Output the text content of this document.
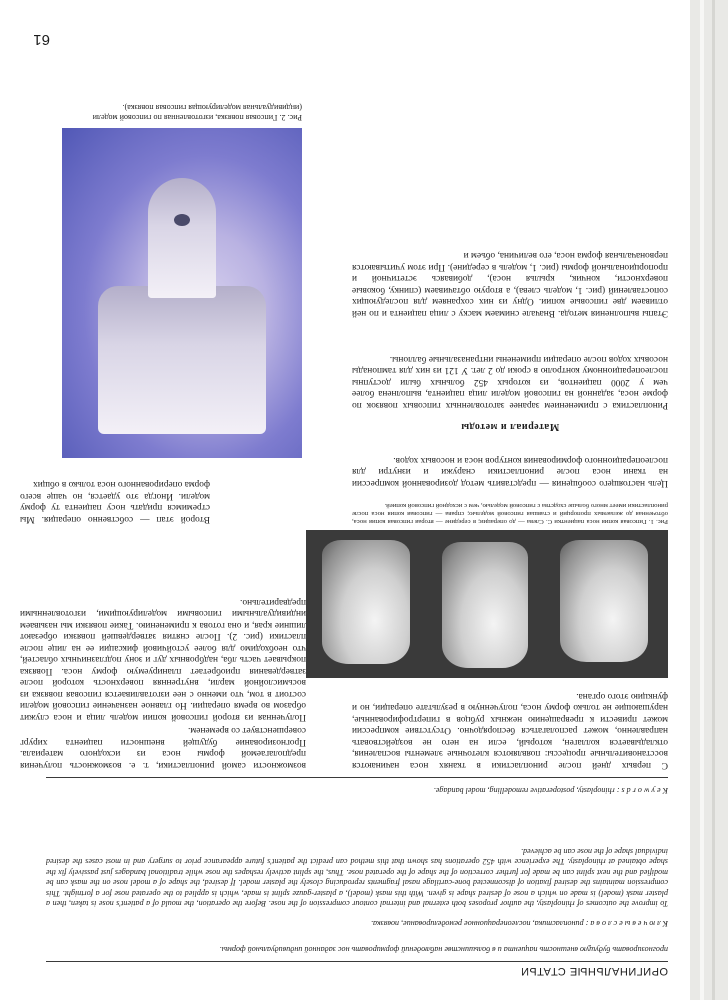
ОРИГИНАЛЬНЫЕ СТАТЬИ
прогнозировать будущую внешность пациента и в большинстве наблюдений формировать нос заданной индивидуальной формы.
К л ю ч е в ы е с л о в а : ринопластика, послеоперационное ремоделирование, повязка.
To improve the outcomes of rhinoplasty, the author proposes both external and internal contour compression of the nose. Before the operation, the mould of a patient's nose is taken, then a plaster mask (model) is made on which a nose of desired shape is given. With this mask (model), a plaster-gauze splint is made, which is applied to the operated nose for a fortnight. This compression maintains the desired fixation of disconnected bone-cartilage nasal fragments reproducing closely the plaster model. If desired, the shape of a model nose on the mask can be modified and the next splint can be made for further correction of the shape of the operated nose. Thus, the splint actively reshapes the nose while traditional bandages just passively fix the shape obtained at rhinoplasty. The experience with 452 operations has shown that this method can predict the patient's future appearance prior to surgery and in most cases the desired individual shape of the nose can be achieved.
K e y w o r d s : rhinoplasty, postoperative remodelling, model bandage.
С первых дней после ринопластики в тканях носа начинаются восстановительные процессы: появляются клеточные элементы воспаления, откладывается коллаген, который, если на него не воздействовать направленно, может располагаться беспорядочно. Отсутствие компрессии может привести к превращению нежных рубцов в гипертрофированные, нарушающие не только форму носа, полученную в результате операции, но и функцию этого органа.
Рис. 1. Гипсовая копия носа пациентки С. Слева — до операции; в середине — вторая гипсовая копия носа, обточенная до желаемых пропорций и ставшая гипсовой моделью; справа — гипсовая копия носа после ринопластики имеет много больше сходства с гипсовой моделью, чем с исходной гипсовой копией.
Цель настоящего сообщения — представить метод дозированной компрессии на ткани носа после ринопластики снаружи и изнутри для послеоперационного формирования контуров носа и носовых ходов.
Материал и методы
Ринопластика с применением заранее заготовленных гипсовых повязок по форме носа, заданной на гипсовой модели лица пациента, выполнена более чем у 2000 пациентов, из которых 452 больных были доступны послеоперационному контролю в сроки до 2 лет. У 121 из них для тампонады носовых ходов после операции применены интраназальные баллоны.
Этапы выполнения метода. Вначале снимаем маску с лица пациента и по ней отливаем две гипсовые копии. Одну из них сохраняем для последующих сопоставлений (рис. 1, модель слева), а вторую обтачиваем (спинку, боковые поверхности, кончик, крылья носа), добиваясь эстетичной и пропорциональной формы (рис. 1, модель в середине). При этом учитываются первоначальная форма носа, его величина, объем и
возможности самой ринопластики, т. е. возможность получения предполагаемой формы носа из исходного материала. Прогнозирование будущей внешности пациента хирург совершенствует со временем.
Полученная из второй гипсовой копии модель лица и носа служит образом во время операции. Но главное назначение гипсовой модели состоит в том, что именно с нее изготавливается гипсовая повязка из восьмислойной марли, внутренняя поверхность которой после затвердевания приобретает планируемую форму носа. Повязка покрывает часть лба, надбровных дуг и зону подглазничных областей, что необходимо для более устойчивой фиксации ее на лице после пластики (рис. 2). После снятия затвердевшей повязки обрезают лишние края, и она готова к применению. Такие повязки мы называем индивидуальными гипсовыми моделирующими, изготовленными предварительно.
Второй этап — собственно операция. Мы стремимся придать носу пациента ту форму модели. Иногда это удается, но чаще всего форма оперированного носа только в общих
Рис. 2. Гипсовая повязка, изготовленная по гипсовой модели (индивидуальная моделирующая гипсовая повязка).
61
